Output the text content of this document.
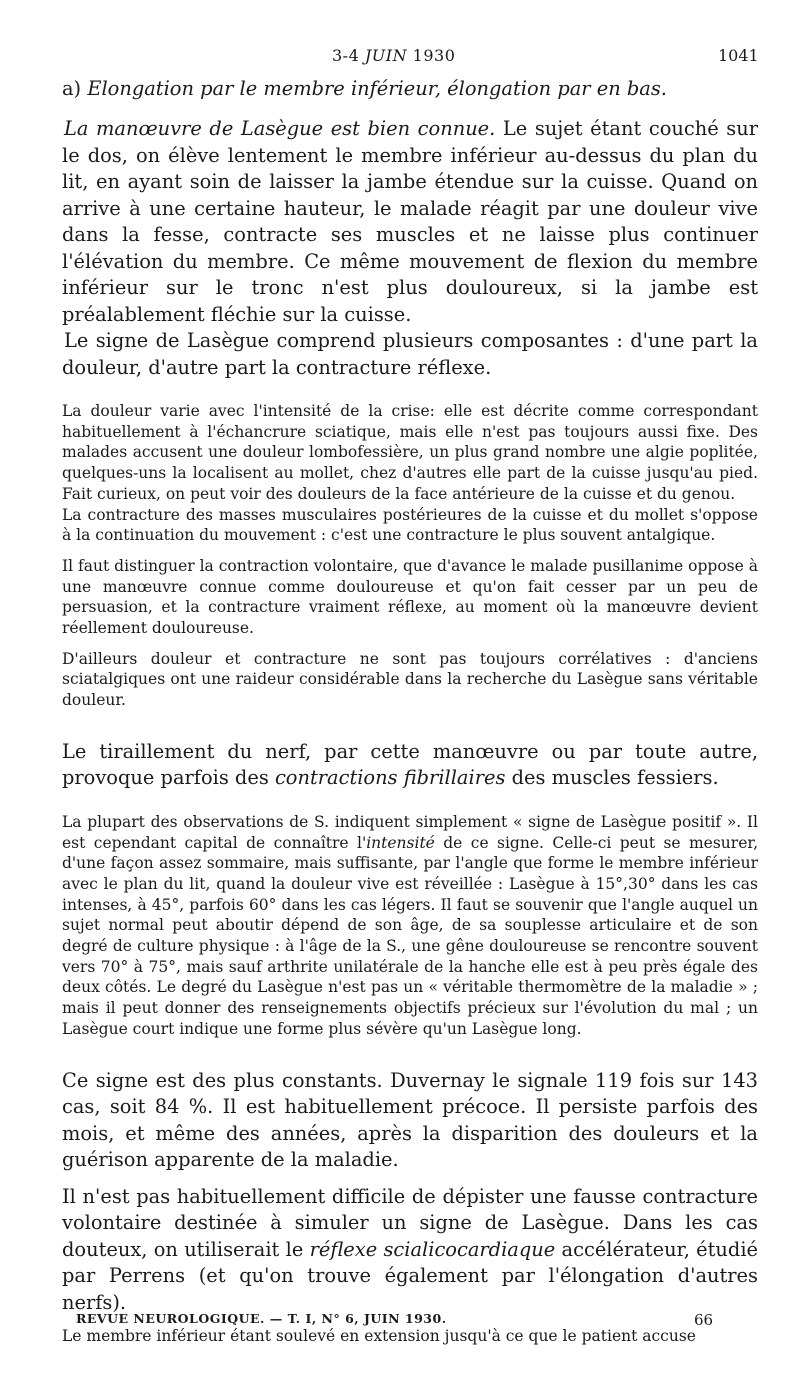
3-4 JUIN 1930	1041

a) Elongation par le membre inférieur, élongation par en bas.

La manœuvre de Lasègue est bien connue. Le sujet étant couché sur le dos, on élève lentement le membre inférieur au-dessus du plan du lit, en ayant soin de laisser la jambe étendue sur la cuisse. Quand on arrive à une certaine hauteur, le malade réagit par une douleur vive dans la fesse, contracte ses muscles et ne laisse plus continuer l'élévation du membre. Ce même mouvement de flexion du membre inférieur sur le tronc n'est plus douloureux, si la jambe est préalablement fléchie sur la cuisse.

Le signe de Lasègue comprend plusieurs composantes : d'une part la douleur, d'autre part la contracture réflexe.

La douleur varie avec l'intensité de la crise: elle est décrite comme correspondant habituellement à l'échancrure sciatique, mais elle n'est pas toujours aussi fixe. Des malades accusent une douleur lombofessière, un plus grand nombre une algie poplitée, quelques-uns la localisent au mollet, chez d'autres elle part de la cuisse jusqu'au pied. Fait curieux, on peut voir des douleurs de la face antérieure de la cuisse et du genou.

La contracture des masses musculaires postérieures de la cuisse et du mollet s'oppose à la continuation du mouvement : c'est une contracture le plus souvent antalgique.

Il faut distinguer la contraction volontaire, que d'avance le malade pusillanime oppose à une manœuvre connue comme douloureuse et qu'on fait cesser par un peu de persuasion, et la contracture vraiment réflexe, au moment où la manœuvre devient réellement douloureuse.

D'ailleurs douleur et contracture ne sont pas toujours corrélatives : d'anciens sciatalgiques ont une raideur considérable dans la recherche du Lasègue sans véritable douleur.

Le tiraillement du nerf, par cette manœuvre ou par toute autre, provoque parfois des contractions fibrillaires des muscles fessiers.

La plupart des observations de S. indiquent simplement « signe de Lasègue positif ». Il est cependant capital de connaître l'intensité de ce signe. Celle-ci peut se mesurer, d'une façon assez sommaire, mais suffisante, par l'angle que forme le membre inférieur avec le plan du lit, quand la douleur vive est réveillée : Lasègue à 15°,30° dans les cas intenses, à 45°, parfois 60° dans les cas légers. Il faut se souvenir que l'angle auquel un sujet normal peut aboutir dépend de son âge, de sa souplesse articulaire et de son degré de culture physique : à l'âge de la S., une gêne douloureuse se rencontre souvent vers 70° à 75°, mais sauf arthrite unilatérale de la hanche elle est à peu près égale des deux côtés. Le degré du Lasègue n'est pas un « véritable thermomètre de la maladie » ; mais il peut donner des renseignements objectifs précieux sur l'évolution du mal ; un Lasègue court indique une forme plus sévère qu'un Lasègue long.

Ce signe est des plus constants. Duvernay le signale 119 fois sur 143 cas, soit 84 %. Il est habituellement précoce. Il persiste parfois des mois, et même des années, après la disparition des douleurs et la guérison apparente de la maladie.

Il n'est pas habituellement difficile de dépister une fausse contracture volontaire destinée à simuler un signe de Lasègue. Dans les cas douteux, on utiliserait le réflexe scialicocardiaque accélérateur, étudié par Perrens (et qu'on trouve également par l'élongation d'autres nerfs).

Le membre inférieur étant soulevé en extension jusqu'à ce que le patient accuse

REVUE NEUROLOGIQUE. — T. I, N° 6, JUIN 1930.	66
